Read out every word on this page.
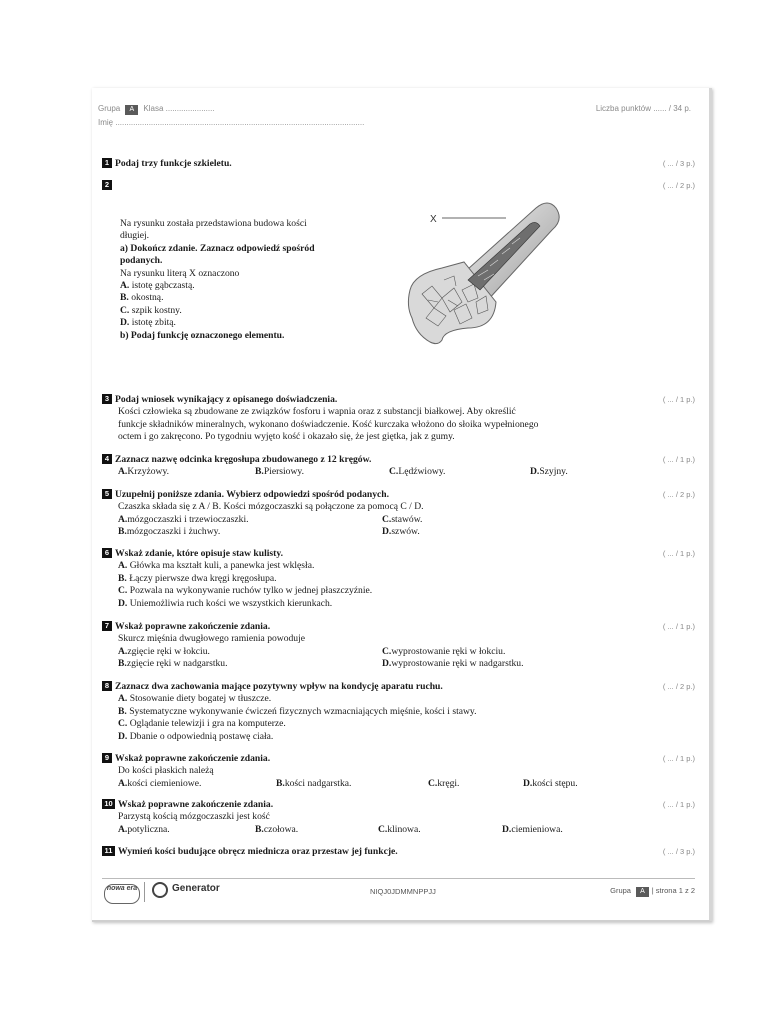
Grupa A Klasa ......................
Imię ................................................................................................................
Liczba punktów ...... / 34 p.
1 Podaj trzy funkcje szkieletu.	( ... / 3 p.)
2	( ... / 2 p.)
Na rysunku została przedstawiona budowa kości
długiej.
a) Dokończ zdanie. Zaznacz odpowiedź spośród
podanych.
Na rysunku literą X oznaczono
A. istotę gąbczastą.
B. okostną.
C. szpik kostny.
D. istotę zbitą.
b) Podaj funkcję oznaczonego elementu.
X
3 Podaj wniosek wynikający z opisanego doświadczenia.	( ... / 1 p.)
Kości człowieka są zbudowane ze związków fosforu i wapnia oraz z substancji białkowej. Aby określić
funkcje składników mineralnych, wykonano doświadczenie. Kość kurczaka włożono do słoika wypełnionego
octem i go zakręcono. Po tygodniu wyjęto kość i okazało się, że jest giętka, jak z gumy.
4 Zaznacz nazwę odcinka kręgosłupa zbudowanego z 12 kręgów.	( ... / 1 p.)
A. Krzyżowy.	B. Piersiowy.	C. Lędźwiowy.	D. Szyjny.
5 Uzupełnij poniższe zdania. Wybierz odpowiedzi spośród podanych.	( ... / 2 p.)
Czaszka składa się z A / B. Kości mózgoczaszki są połączone za pomocą C / D.
A. mózgoczaszki i trzewioczaszki.	C. stawów.
B. mózgoczaszki i żuchwy.	D. szwów.
6 Wskaż zdanie, które opisuje staw kulisty.	( ... / 1 p.)
A. Główka ma kształt kuli, a panewka jest wklęsła.
B. Łączy pierwsze dwa kręgi kręgosłupa.
C. Pozwala na wykonywanie ruchów tylko w jednej płaszczyźnie.
D. Uniemożliwia ruch kości we wszystkich kierunkach.
7 Wskaż poprawne zakończenie zdania.	( ... / 1 p.)
Skurcz mięśnia dwugłowego ramienia powoduje
A. zgięcie ręki w łokciu.	C. wyprostowanie ręki w łokciu.
B. zgięcie ręki w nadgarstku.	D. wyprostowanie ręki w nadgarstku.
8 Zaznacz dwa zachowania mające pozytywny wpływ na kondycję aparatu ruchu.	( ... / 2 p.)
A. Stosowanie diety bogatej w tłuszcze.
B. Systematyczne wykonywanie ćwiczeń fizycznych wzmacniających mięśnie, kości i stawy.
C. Oglądanie telewizji i gra na komputerze.
D. Dbanie o odpowiednią postawę ciała.
9 Wskaż poprawne zakończenie zdania.	( ... / 1 p.)
Do kości płaskich należą
A. kości ciemieniowe.	B. kości nadgarstka.	C. kręgi.	D. kości stępu.
10 Wskaż poprawne zakończenie zdania.	( ... / 1 p.)
Parzystą kością mózgoczaszki jest kość
A. potyliczna.	B. czołowa.	C. klinowa.	D. ciemieniowa.
11 Wymień kości budujące obręcz miednicza oraz przestaw jej funkcje.	( ... / 3 p.)
nowa era	Generator	NIQJ0JDMMNPPJJ	Grupa A | strona 1 z 2
